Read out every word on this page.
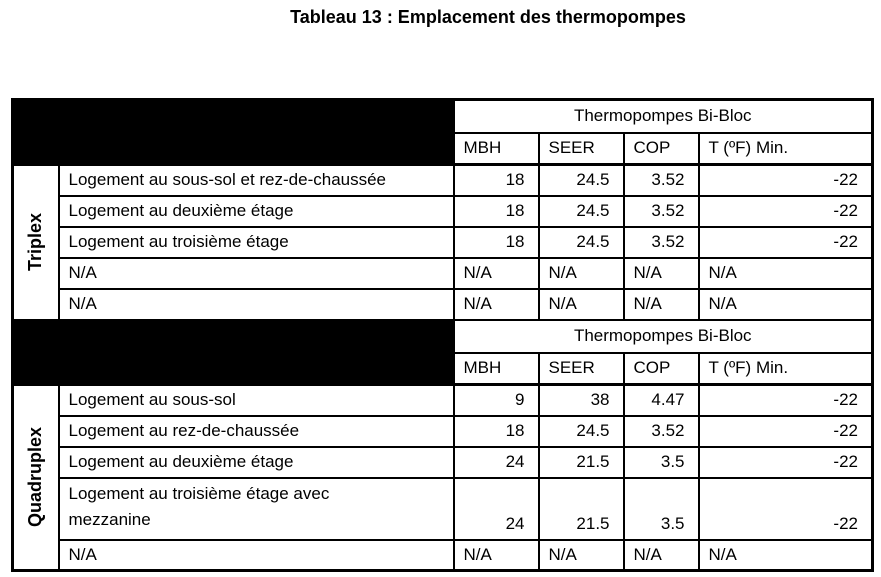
Tableau 13 : Emplacement des thermopompes
		Thermopompes Bi-Bloc			
		MBH	SEER	COP	T (ºF) Min.

Triplex	Logement au sous-sol et rez-de-chaussée	18	24.5	3.52	-22
	Logement au deuxième étage	18	24.5	3.52	-22
	Logement au troisième étage	18	24.5	3.52	-22
	N/A	N/A	N/A	N/A	N/A
	N/A	N/A	N/A	N/A	N/A
		Thermopompes Bi-Bloc			
		MBH	SEER	COP	T (ºF) Min.

Quadruplex	Logement au sous-sol	9	38	4.47	-22
	Logement au rez-de-chaussée	18	24.5	3.52	-22
	Logement au deuxième étage	24	21.5	3.5	-22
	Logement au troisième étage avec mezzanine	24	21.5	3.5	-22
	N/A	N/A	N/A	N/A	N/A
